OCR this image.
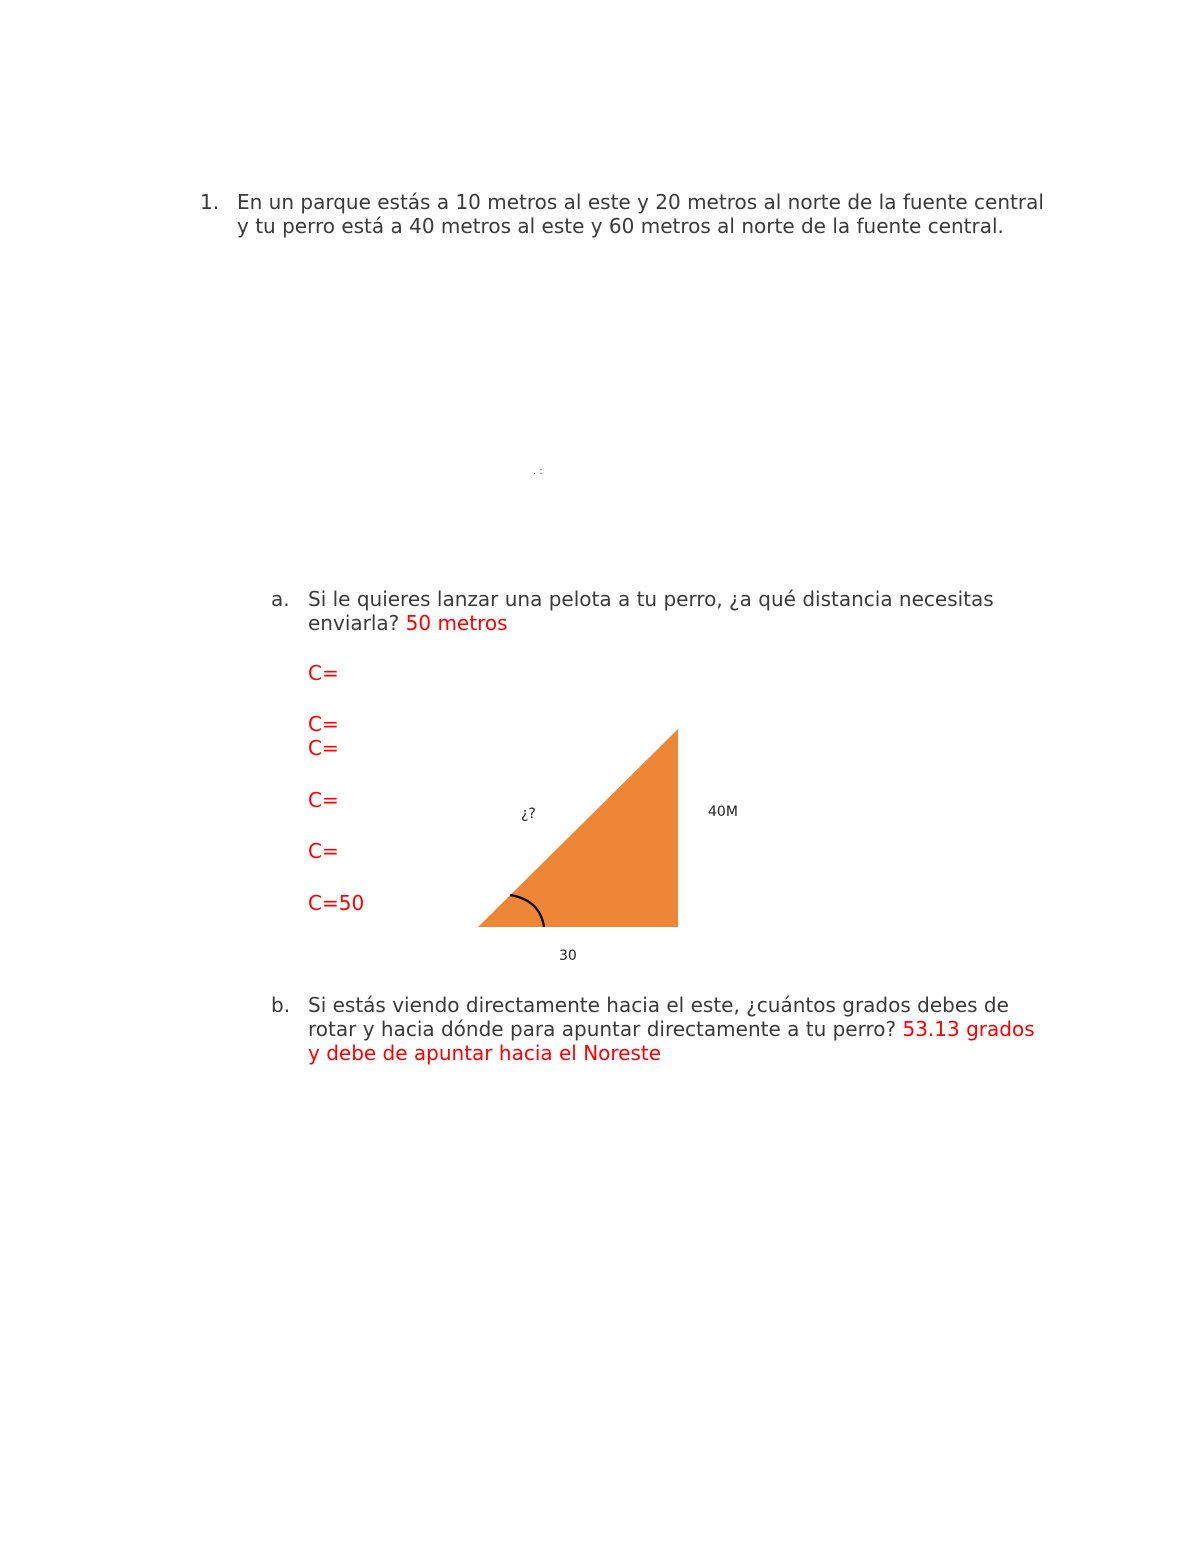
1. En un parque estás a 10 metros al este y 20 metros al norte de la fuente central y tu perro está a 40 metros al este y 60 metros al norte de la fuente central.
. :
a. Si le quieres lanzar una pelota a tu perro, ¿a qué distancia necesitas enviarla? 50 metros
C=
C=
C=
C=
C=
C=50
¿?	40M
30
b. Si estás viendo directamente hacia el este, ¿cuántos grados debes de rotar y hacia dónde para apuntar directamente a tu perro? 53.13 grados y debe de apuntar hacia el Noreste
